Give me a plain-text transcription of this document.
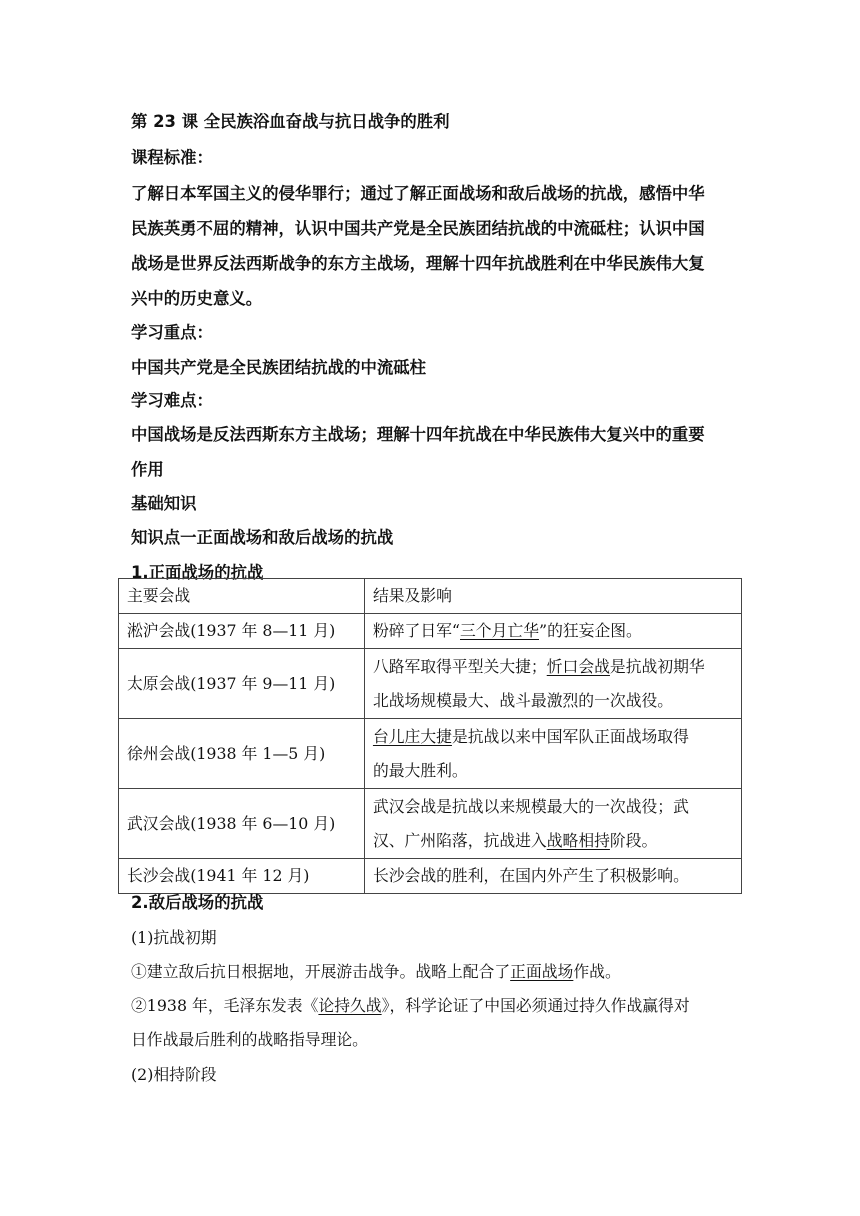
第 23 课 全民族浴血奋战与抗日战争的胜利
课程标准：
了解日本军国主义的侵华罪行；通过了解正面战场和敌后战场的抗战，感悟中华
民族英勇不屈的精神，认识中国共产党是全民族团结抗战的中流砥柱；认识中国
战场是世界反法西斯战争的东方主战场，理解十四年抗战胜利在中华民族伟大复
兴中的历史意义。
学习重点：
中国共产党是全民族团结抗战的中流砥柱
学习难点：
中国战场是反法西斯东方主战场；理解十四年抗战在中华民族伟大复兴中的重要
作用
基础知识
知识点一正面战场和敌后战场的抗战
1.正面战场的抗战
主要会战	结果及影响
淞沪会战(1937 年 8—11 月)	粉碎了日军“三个月亡华”的狂妄企图。
太原会战(1937 年 9—11 月)	八路军取得平型关大捷；忻口会战是抗战初期华
北战场规模最大、战斗最激烈的一次战役。
徐州会战(1938 年 1—5 月)	台儿庄大捷是抗战以来中国军队正面战场取得
的最大胜利。
武汉会战(1938 年 6—10 月)	武汉会战是抗战以来规模最大的一次战役；武
汉、广州陷落，抗战进入战略相持阶段。
长沙会战(1941 年 12 月)	长沙会战的胜利，在国内外产生了积极影响。
2.敌后战场的抗战
(1)抗战初期
①建立敌后抗日根据地，开展游击战争。战略上配合了正面战场作战。
②1938 年，毛泽东发表《论持久战》，科学论证了中国必须通过持久作战赢得对
日作战最后胜利的战略指导理论。
(2)相持阶段
